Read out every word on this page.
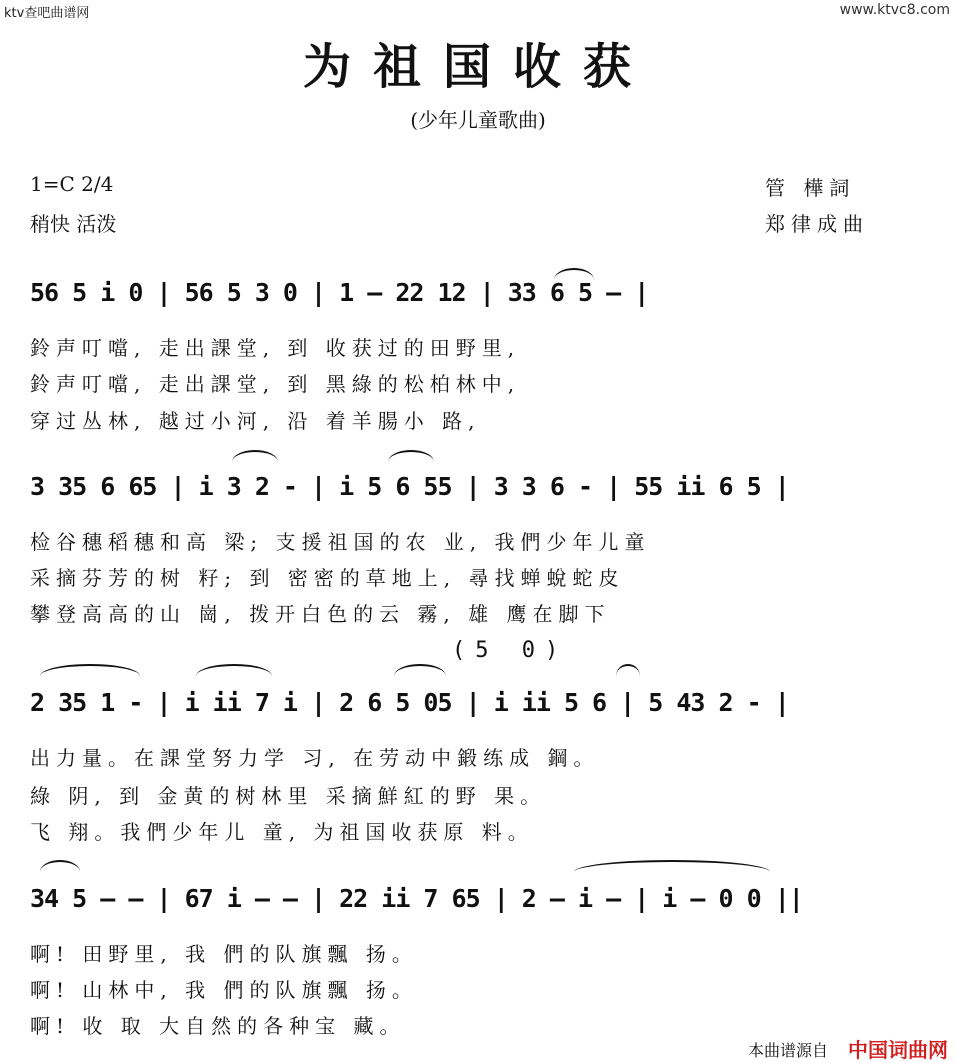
ktv查吧曲谱网	www.ktvc8.com
为祖国收获
(少年儿童歌曲)
1=C 2/4
稍快 活泼
管 樺詞
郑律成曲
56 5 i 0 | 56 5 3 0 | 1 — 22 12 | 33 6 5 — |
鈴声叮噹, 走出課堂, 到 收获过的田野里,
鈴声叮噹, 走出課堂, 到 黑綠的松柏林中,
穿过丛林, 越过小河, 沿 着羊腸小 路,
3 35 6 65 | i 3 2 - | i 5 6 55 | 3 3 6 - | 55 ii 6 5 |
检谷穗稻穗和高 梁; 支援祖国的农 业, 我們少年儿童
采摘芬芳的树 籽; 到 密密的草地上, 尋找蝉蛻蛇皮
攀登高高的山 崗, 拨开白色的云 霧, 雄 鹰在脚下
(5 0)
2 35 1 - | i ii 7 i | 2 6 5 05 | i ii 5 6 | 5 43 2 - |
出力量。在課堂努力学 习, 在劳动中鍛练成 鋼。
綠 阴, 到 金黄的树林里 采摘鮮紅的野 果。
飞 翔。我們少年儿 童, 为祖国收获原 料。
34 5 — — | 67 i — — | 22 ii 7 65 | 2 — i — | i — 0 0 ||
啊! 田野里, 我 們的队旗飄 扬。
啊! 山林中, 我 們的队旗飄 扬。
啊! 收 取 大自然的各种宝 藏。
本曲谱源自 中国词曲网
